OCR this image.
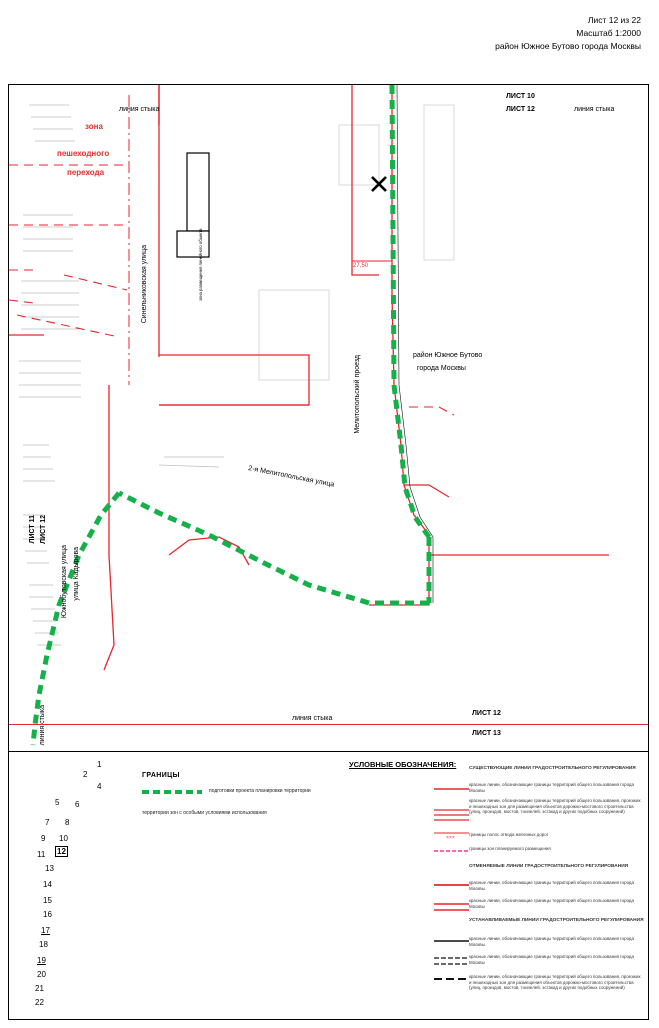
Лист 12 из 22
Масштаб 1:2000
район Южное Бутово города Москвы
ЛИСТ 10
ЛИСТ 12	линия стыка
линия стыка
зона
пешеходного
перехода
Синельниковская улица
Мелитопольский проезд	район Южное Бутово
города Москвы
27,50
2-я Мелитопольская улица
Южнобутовская улица улица Кадырова
ЛИСТ 11 ЛИСТ 12
линия стыка	линия стыка
ЛИСТ 12
ЛИСТ 13
зона размещения линейного объекта
УСЛОВНЫЕ ОБОЗНАЧЕНИЯ:
ГРАНИЦЫ
подготовки проекта планировки территории
территории зон с особыми условиями использования
СУЩЕСТВУЮЩИЕ ЛИНИИ ГРАДОСТРОИТЕЛЬНОГО РЕГУЛИРОВАНИЯ
красные линии, обозначающие границы территорий общего пользования города Москвы
красные линии, обозначающие границы территорий общего пользования, проезжих и пешеходных зон для размещения объектов дорожно-мостового строительства (улиц, проездов, мостов, тоннелей, эстакад и других подобных сооружений)
×××
границы полос отвода железных дорог
границы зон планируемого размещения
ОТМЕНЯЕМЫЕ ЛИНИИ ГРАДОСТРОИТЕЛЬНОГО РЕГУЛИРОВАНИЯ
красные линии, обозначающие границы территорий общего пользования города Москвы
красные линии, обозначающие границы территорий общего пользования города Москвы
УСТАНАВЛИВАЕМЫЕ ЛИНИИ ГРАДОСТРОИТЕЛЬНОГО РЕГУЛИРОВАНИЯ
красные линии, обозначающие границы территорий общего пользования города Москвы
красные линии, обозначающие границы территорий общего пользования города Москвы
красные линии, обозначающие границы территорий общего пользования, проезжих и пешеходных зон для размещения объектов дорожно-мостового строительства (улиц, проездов, мостов, тоннелей, эстакад и других подобных сооружений)
1
2
4
5 6
7 8
9 10
11 12
13
14
15
16
17
18
19
20
21
22
